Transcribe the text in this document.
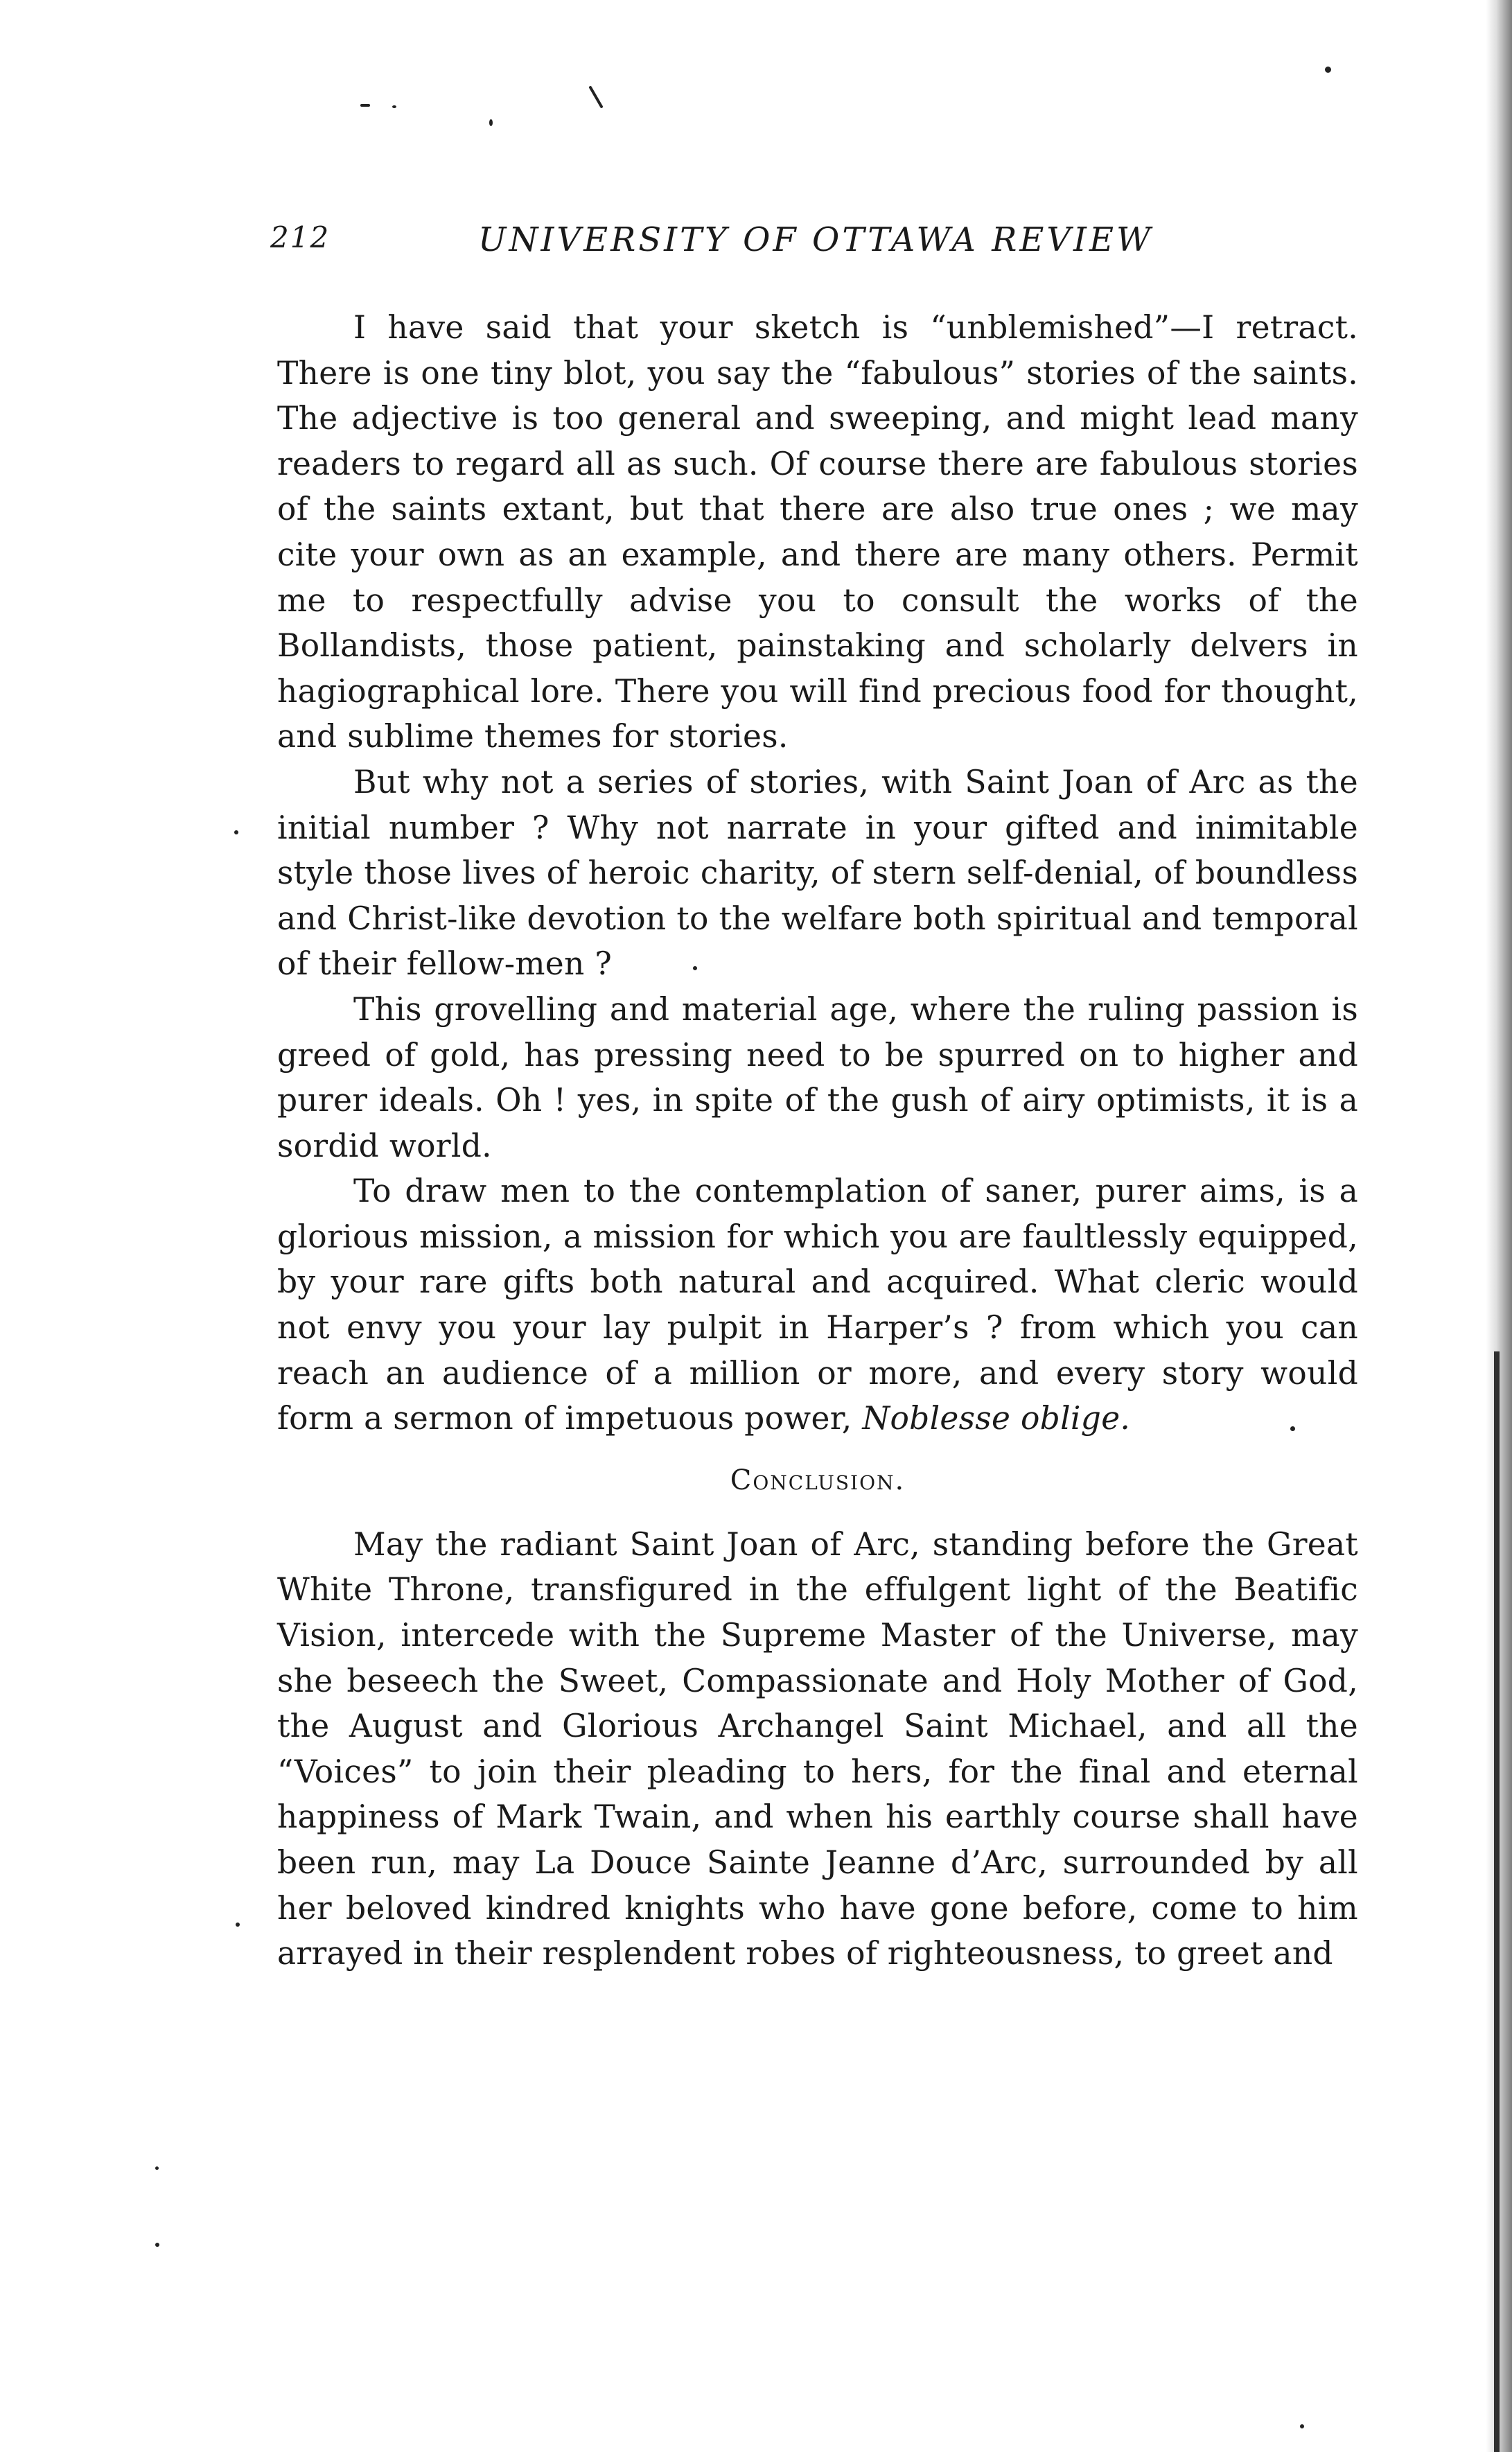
212	UNIVERSITY OF OTTAWA REVIEW

I have said that your sketch is “unblemished”—I retract. There is one tiny blot, you say the “fabulous” stories of the saints. The adjective is too general and sweeping, and might lead many readers to regard all as such. Of course there are fabulous stories of the saints extant, but that there are also true ones ; we may cite your own as an example, and there are many others. Permit me to respectfully advise you to consult the works of the Bollandists, those patient, painstaking and scholarly delvers in hagiographical lore. There you will find precious food for thought, and sublime themes for stories.

But why not a series of stories, with Saint Joan of Arc as the initial number ? Why not narrate in your gifted and inimitable style those lives of heroic charity, of stern self-denial, of boundless and Christ-like devotion to the welfare both spiritual and temporal of their fellow-men ?

This grovelling and material age, where the ruling passion is greed of gold, has pressing need to be spurred on to higher and purer ideals. Oh ! yes, in spite of the gush of airy optimists, it is a sordid world.

To draw men to the contemplation of saner, purer aims, is a glorious mission, a mission for which you are faultlessly equipped, by your rare gifts both natural and acquired. What cleric would not envy you your lay pulpit in Harper’s ? from which you can reach an audience of a million or more, and every story would form a sermon of impetuous power, Noblesse oblige.

Conclusion.

May the radiant Saint Joan of Arc, standing before the Great White Throne, transfigured in the effulgent light of the Beatific Vision, intercede with the Supreme Master of the Universe, may she beseech the Sweet, Compassionate and Holy Mother of God, the August and Glorious Archangel Saint Michael, and all the “Voices” to join their pleading to hers, for the final and eternal happiness of Mark Twain, and when his earthly course shall have been run, may La Douce Sainte Jeanne d’Arc, surrounded by all her beloved kindred knights who have gone before, come to him arrayed in their resplendent robes of righteousness, to greet and
